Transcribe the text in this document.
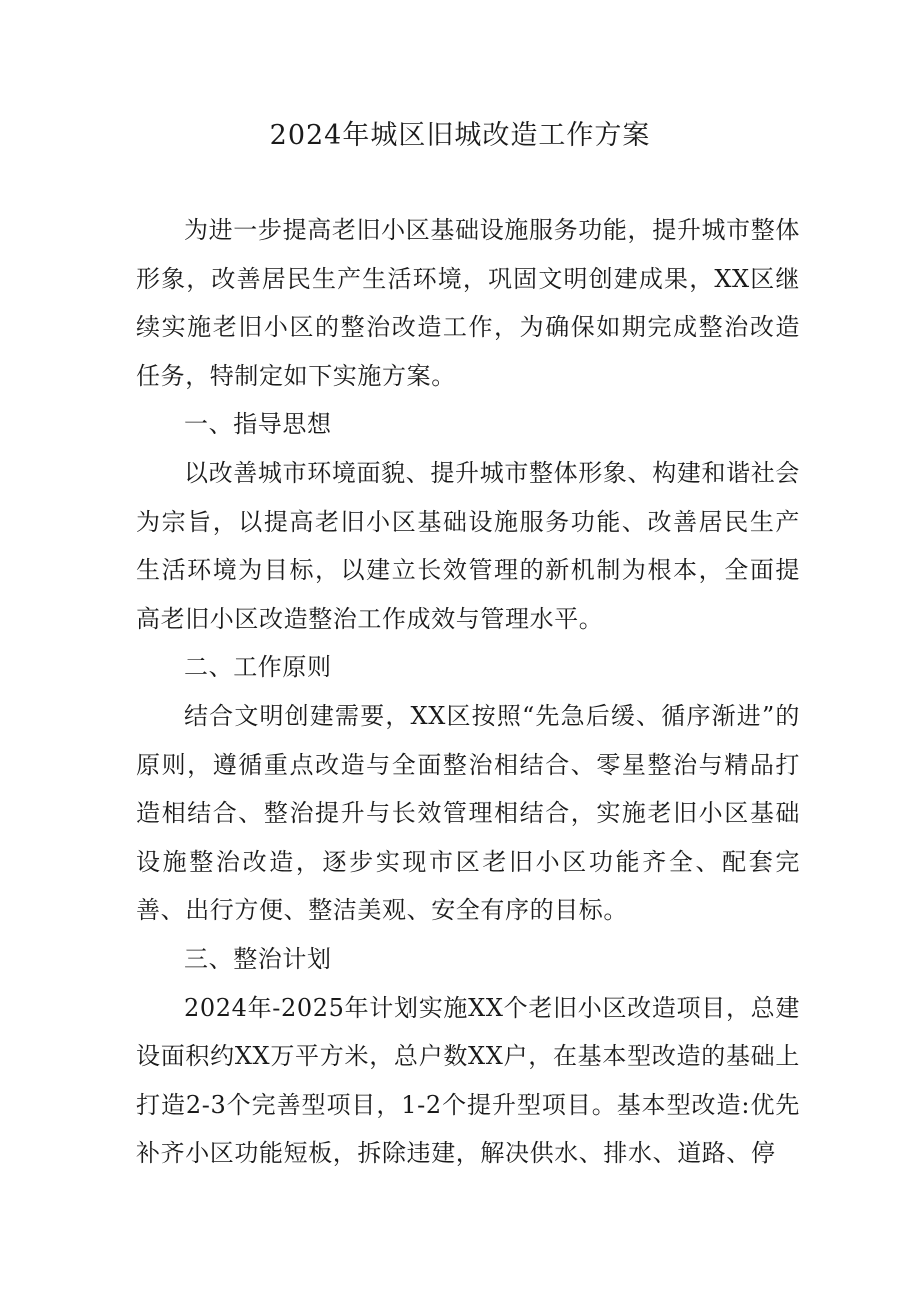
2024年城区旧城改造工作方案

为进一步提高老旧小区基础设施服务功能，提升城市整体形象，改善居民生产生活环境，巩固文明创建成果，XX区继续实施老旧小区的整治改造工作，为确保如期完成整治改造任务，特制定如下实施方案。

一、指导思想

以改善城市环境面貌、提升城市整体形象、构建和谐社会为宗旨，以提高老旧小区基础设施服务功能、改善居民生产生活环境为目标，以建立长效管理的新机制为根本，全面提高老旧小区改造整治工作成效与管理水平。

二、工作原则

结合文明创建需要，XX区按照“先急后缓、循序渐进”的原则，遵循重点改造与全面整治相结合、零星整治与精品打造相结合、整治提升与长效管理相结合，实施老旧小区基础设施整治改造，逐步实现市区老旧小区功能齐全、配套完善、出行方便、整洁美观、安全有序的目标。

三、整治计划

2024年-2025年计划实施XX个老旧小区改造项目，总建设面积约XX万平方米，总户数XX户，在基本型改造的基础上打造2-3个完善型项目，1-2个提升型项目。基本型改造:优先补齐小区功能短板，拆除违建，解决供水、排水、道路、停
